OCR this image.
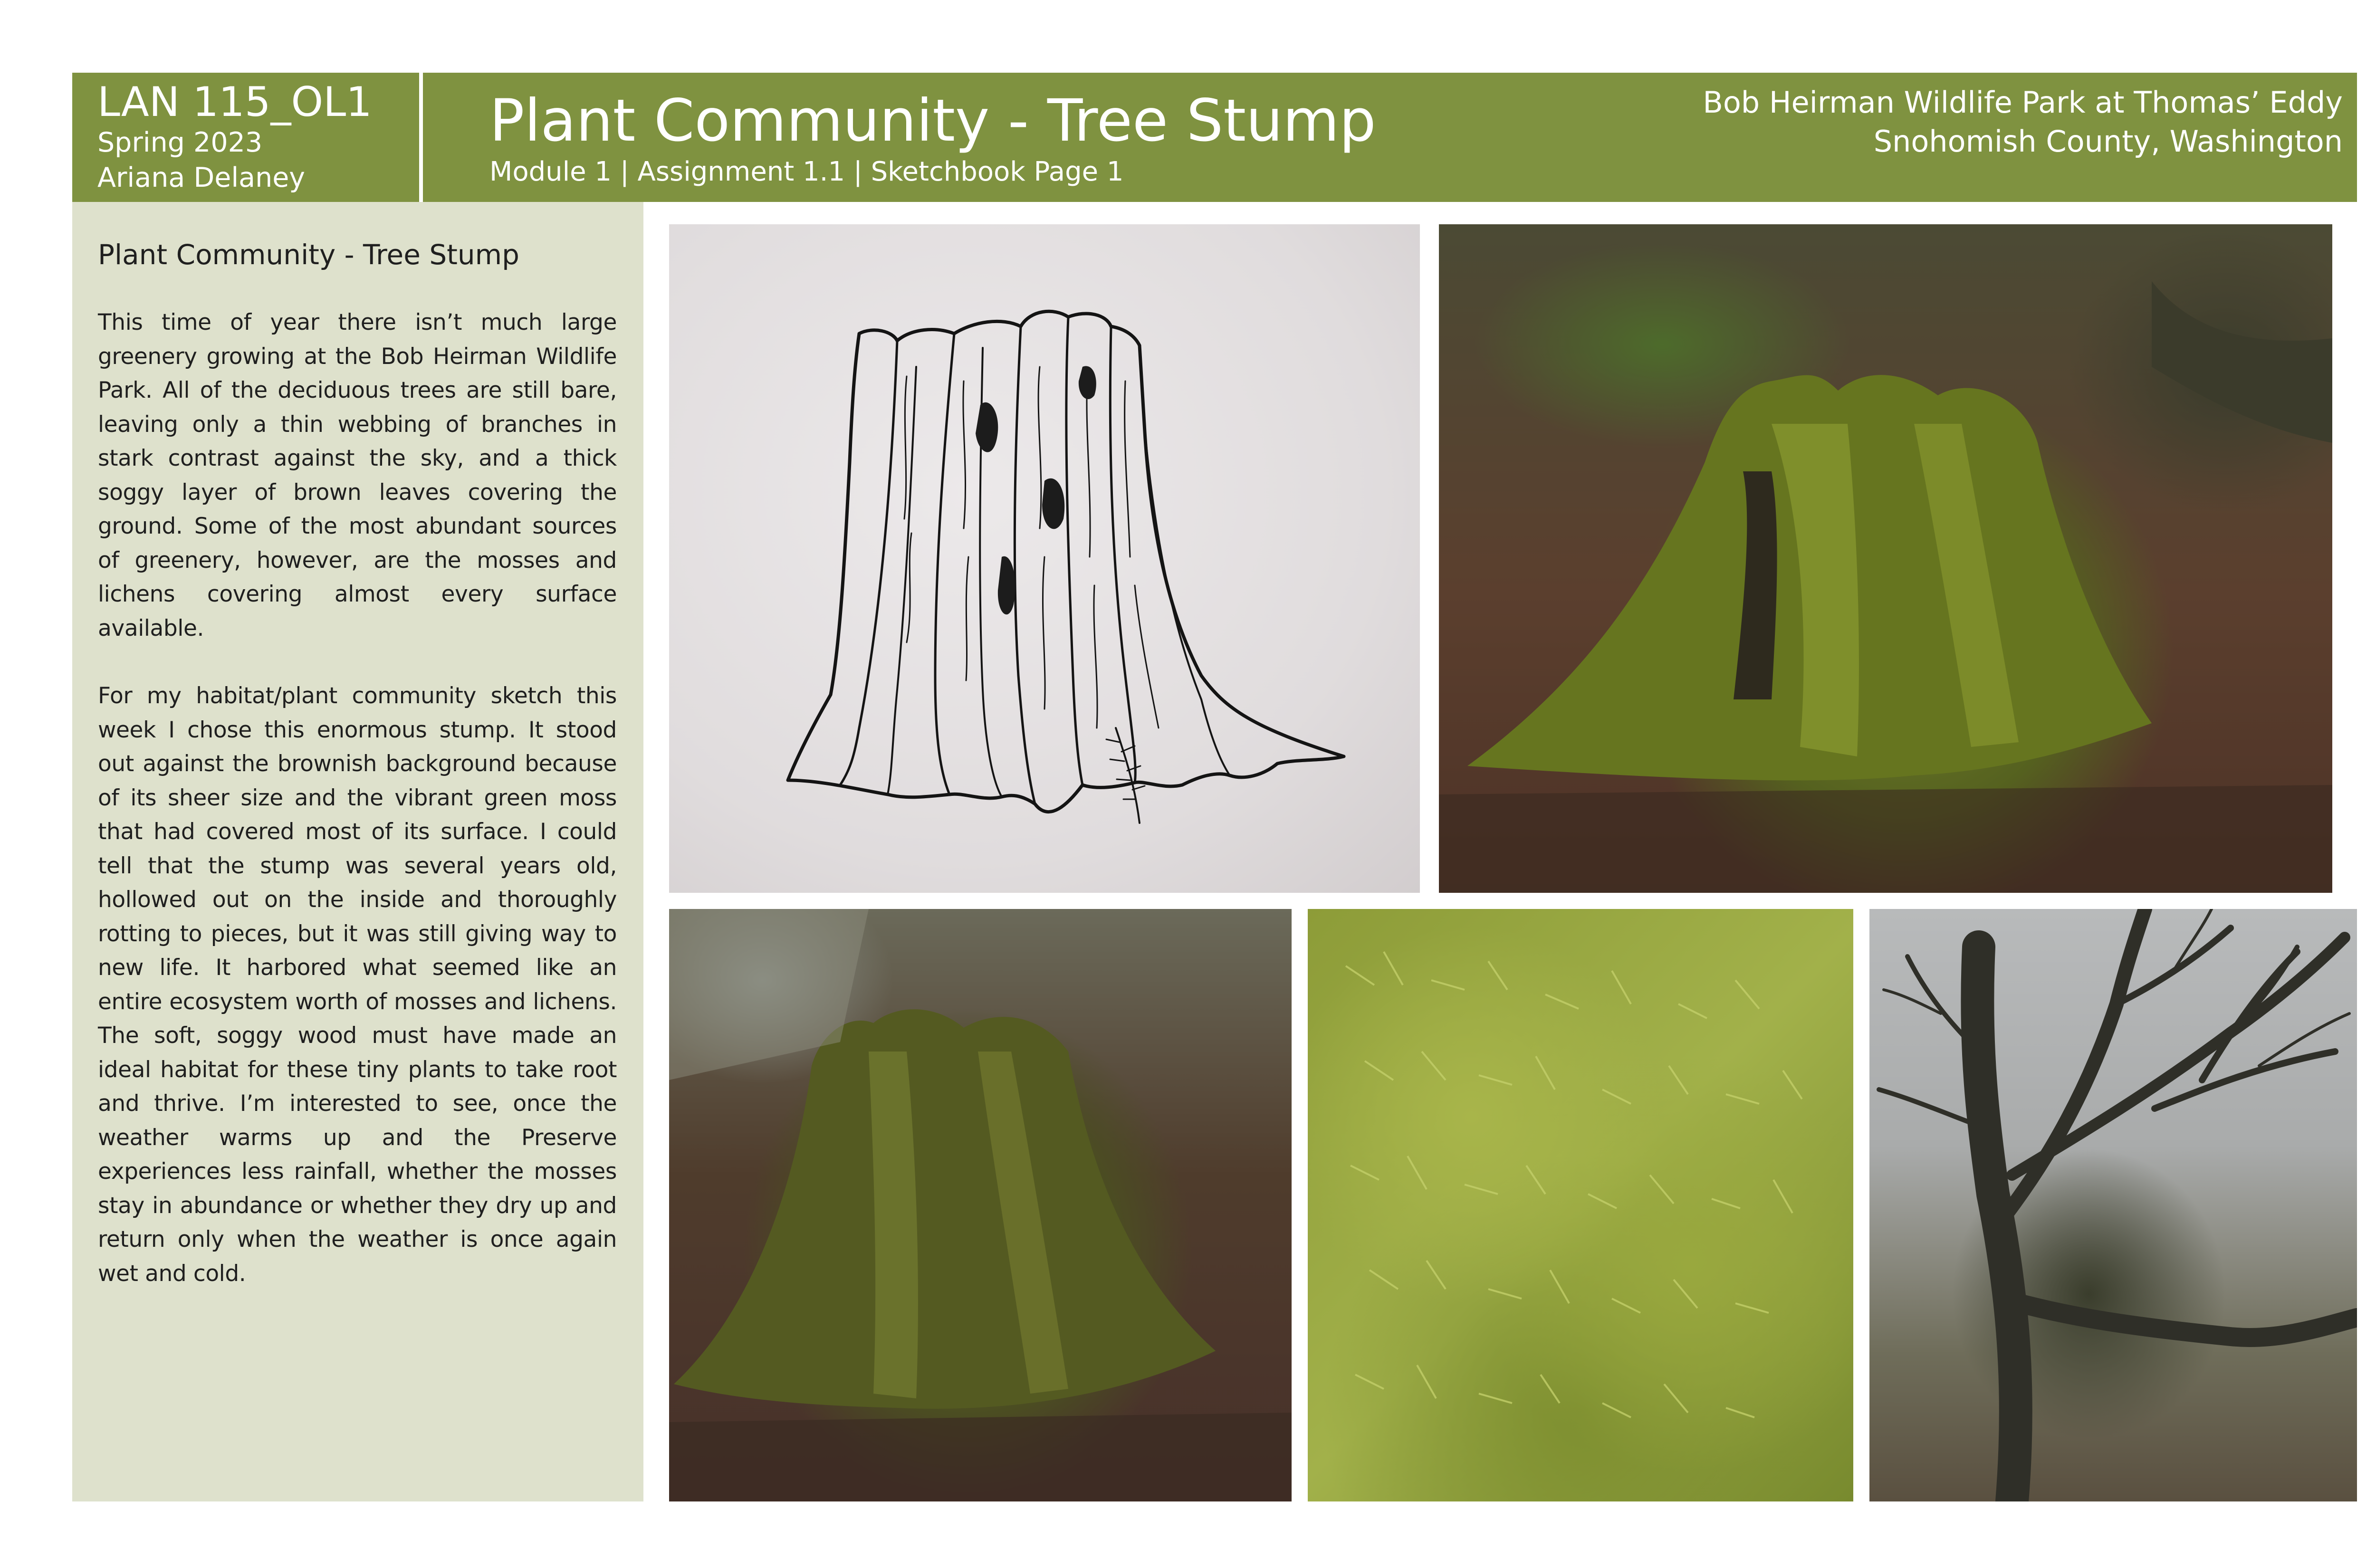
LAN 115_OL1
Spring 2023
Ariana Delaney
Plant Community - Tree Stump
Module 1 | Assignment 1.1 | Sketchbook Page 1
Bob Heirman Wildlife Park at Thomas’ Eddy
Snohomish County, Washington
Plant Community - Tree Stump

This time of year there isn’t much large greenery growing at the Bob Heirman Wildlife Park. All of the deciduous trees are still bare, leaving only a thin webbing of branches in stark contrast against the sky, and a thick soggy layer of brown leaves covering the ground. Some of the most abundant sources of greenery, however, are the mosses and lichens covering almost every surface available.

For my habitat/plant community sketch this week I chose this enormous stump. It stood out against the brownish background because of its sheer size and the vibrant green moss that had covered most of its surface. I could tell that the stump was several years old, hollowed out on the inside and thoroughly rotting to pieces, but it was still giving way to new life. It harbored what seemed like an entire ecosystem worth of mosses and lichens. The soft, soggy wood must have made an ideal habitat for these tiny plants to take root and thrive. I’m interested to see, once the weather warms up and the Preserve experiences less rainfall, whether the mosses stay in abundance or whether they dry up and return only when the weather is once again wet and cold.
